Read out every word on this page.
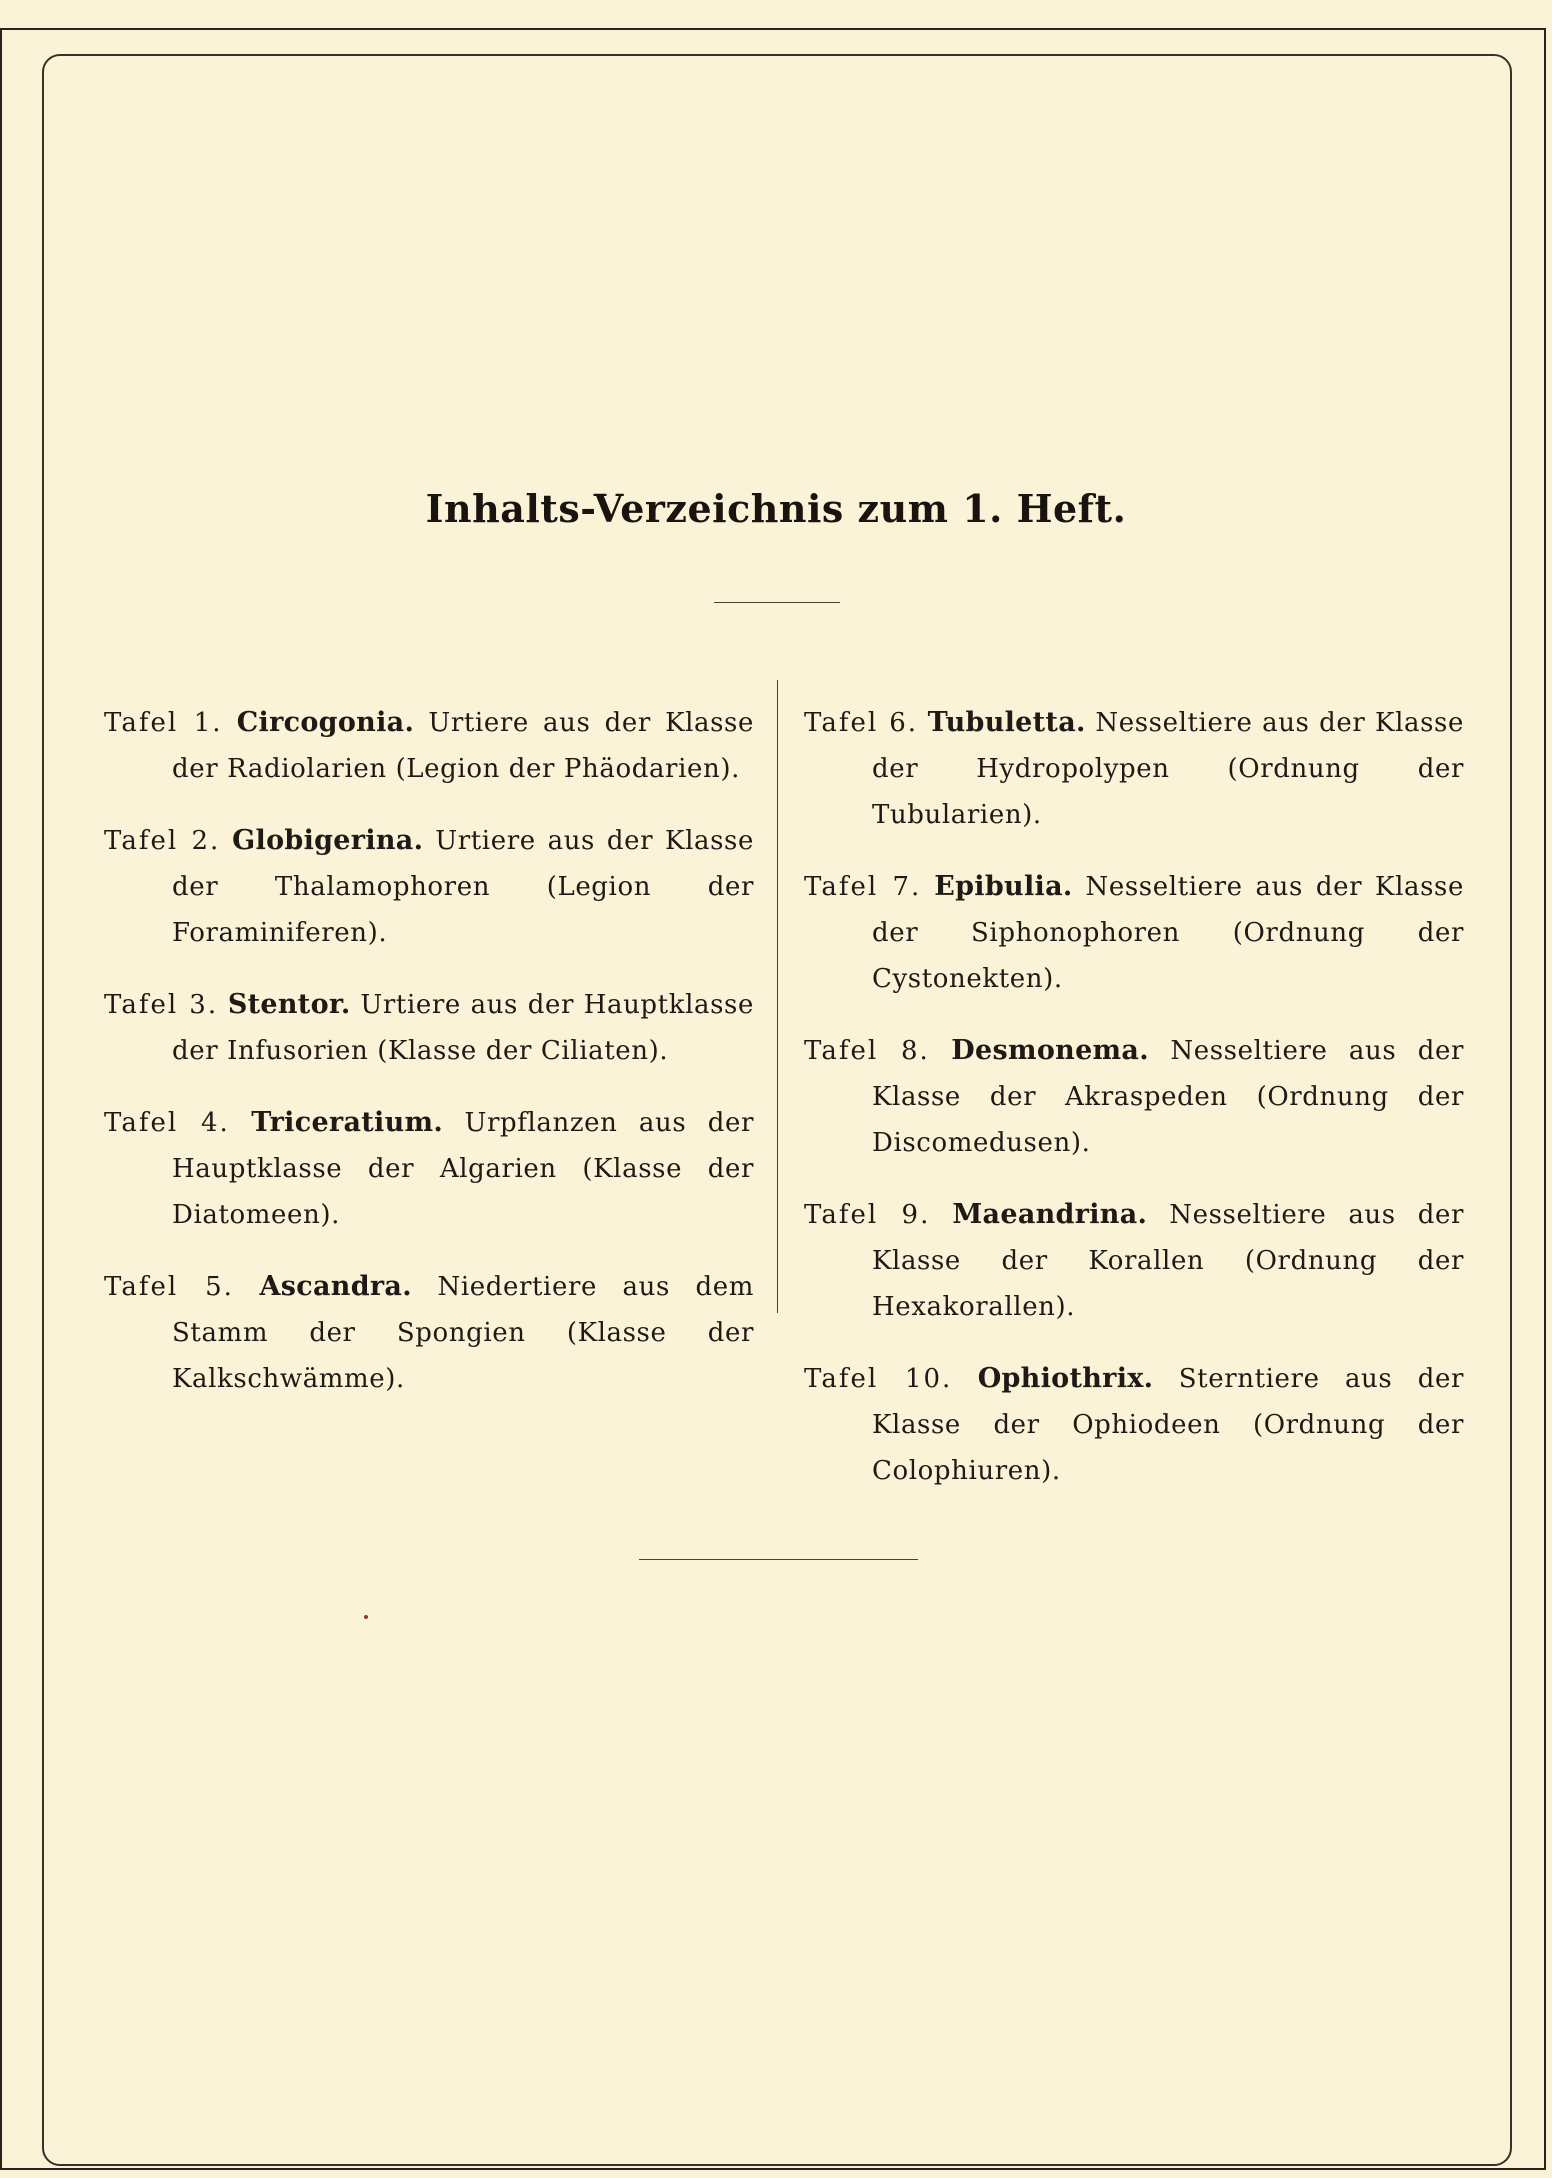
Inhalts-Verzeichnis zum 1. Heft.

Tafel 1. Circogonia. Urtiere aus der Klasse der Radiolarien (Legion der Phäodarien).

Tafel 2. Globigerina. Urtiere aus der Klasse der Thalamophoren (Legion der Foraminiferen).

Tafel 3. Stentor. Urtiere aus der Hauptklasse der Infusorien (Klasse der Ciliaten).

Tafel 4. Triceratium. Urpflanzen aus der Hauptklasse der Algarien (Klasse der Diatomeen).

Tafel 5. Ascandra. Niedertiere aus dem Stamm der Spongien (Klasse der Kalkschwämme).

Tafel 6. Tubuletta. Nesseltiere aus der Klasse der Hydropolypen (Ordnung der Tubularien).

Tafel 7. Epibulia. Nesseltiere aus der Klasse der Siphonophoren (Ordnung der Cystonekten).

Tafel 8. Desmonema. Nesseltiere aus der Klasse der Akraspeden (Ordnung der Discomedusen).

Tafel 9. Maeandrina. Nesseltiere aus der Klasse der Korallen (Ordnung der Hexakorallen).

Tafel 10. Ophiothrix. Sterntiere aus der Klasse der Ophiodeen (Ordnung der Colophiuren).
